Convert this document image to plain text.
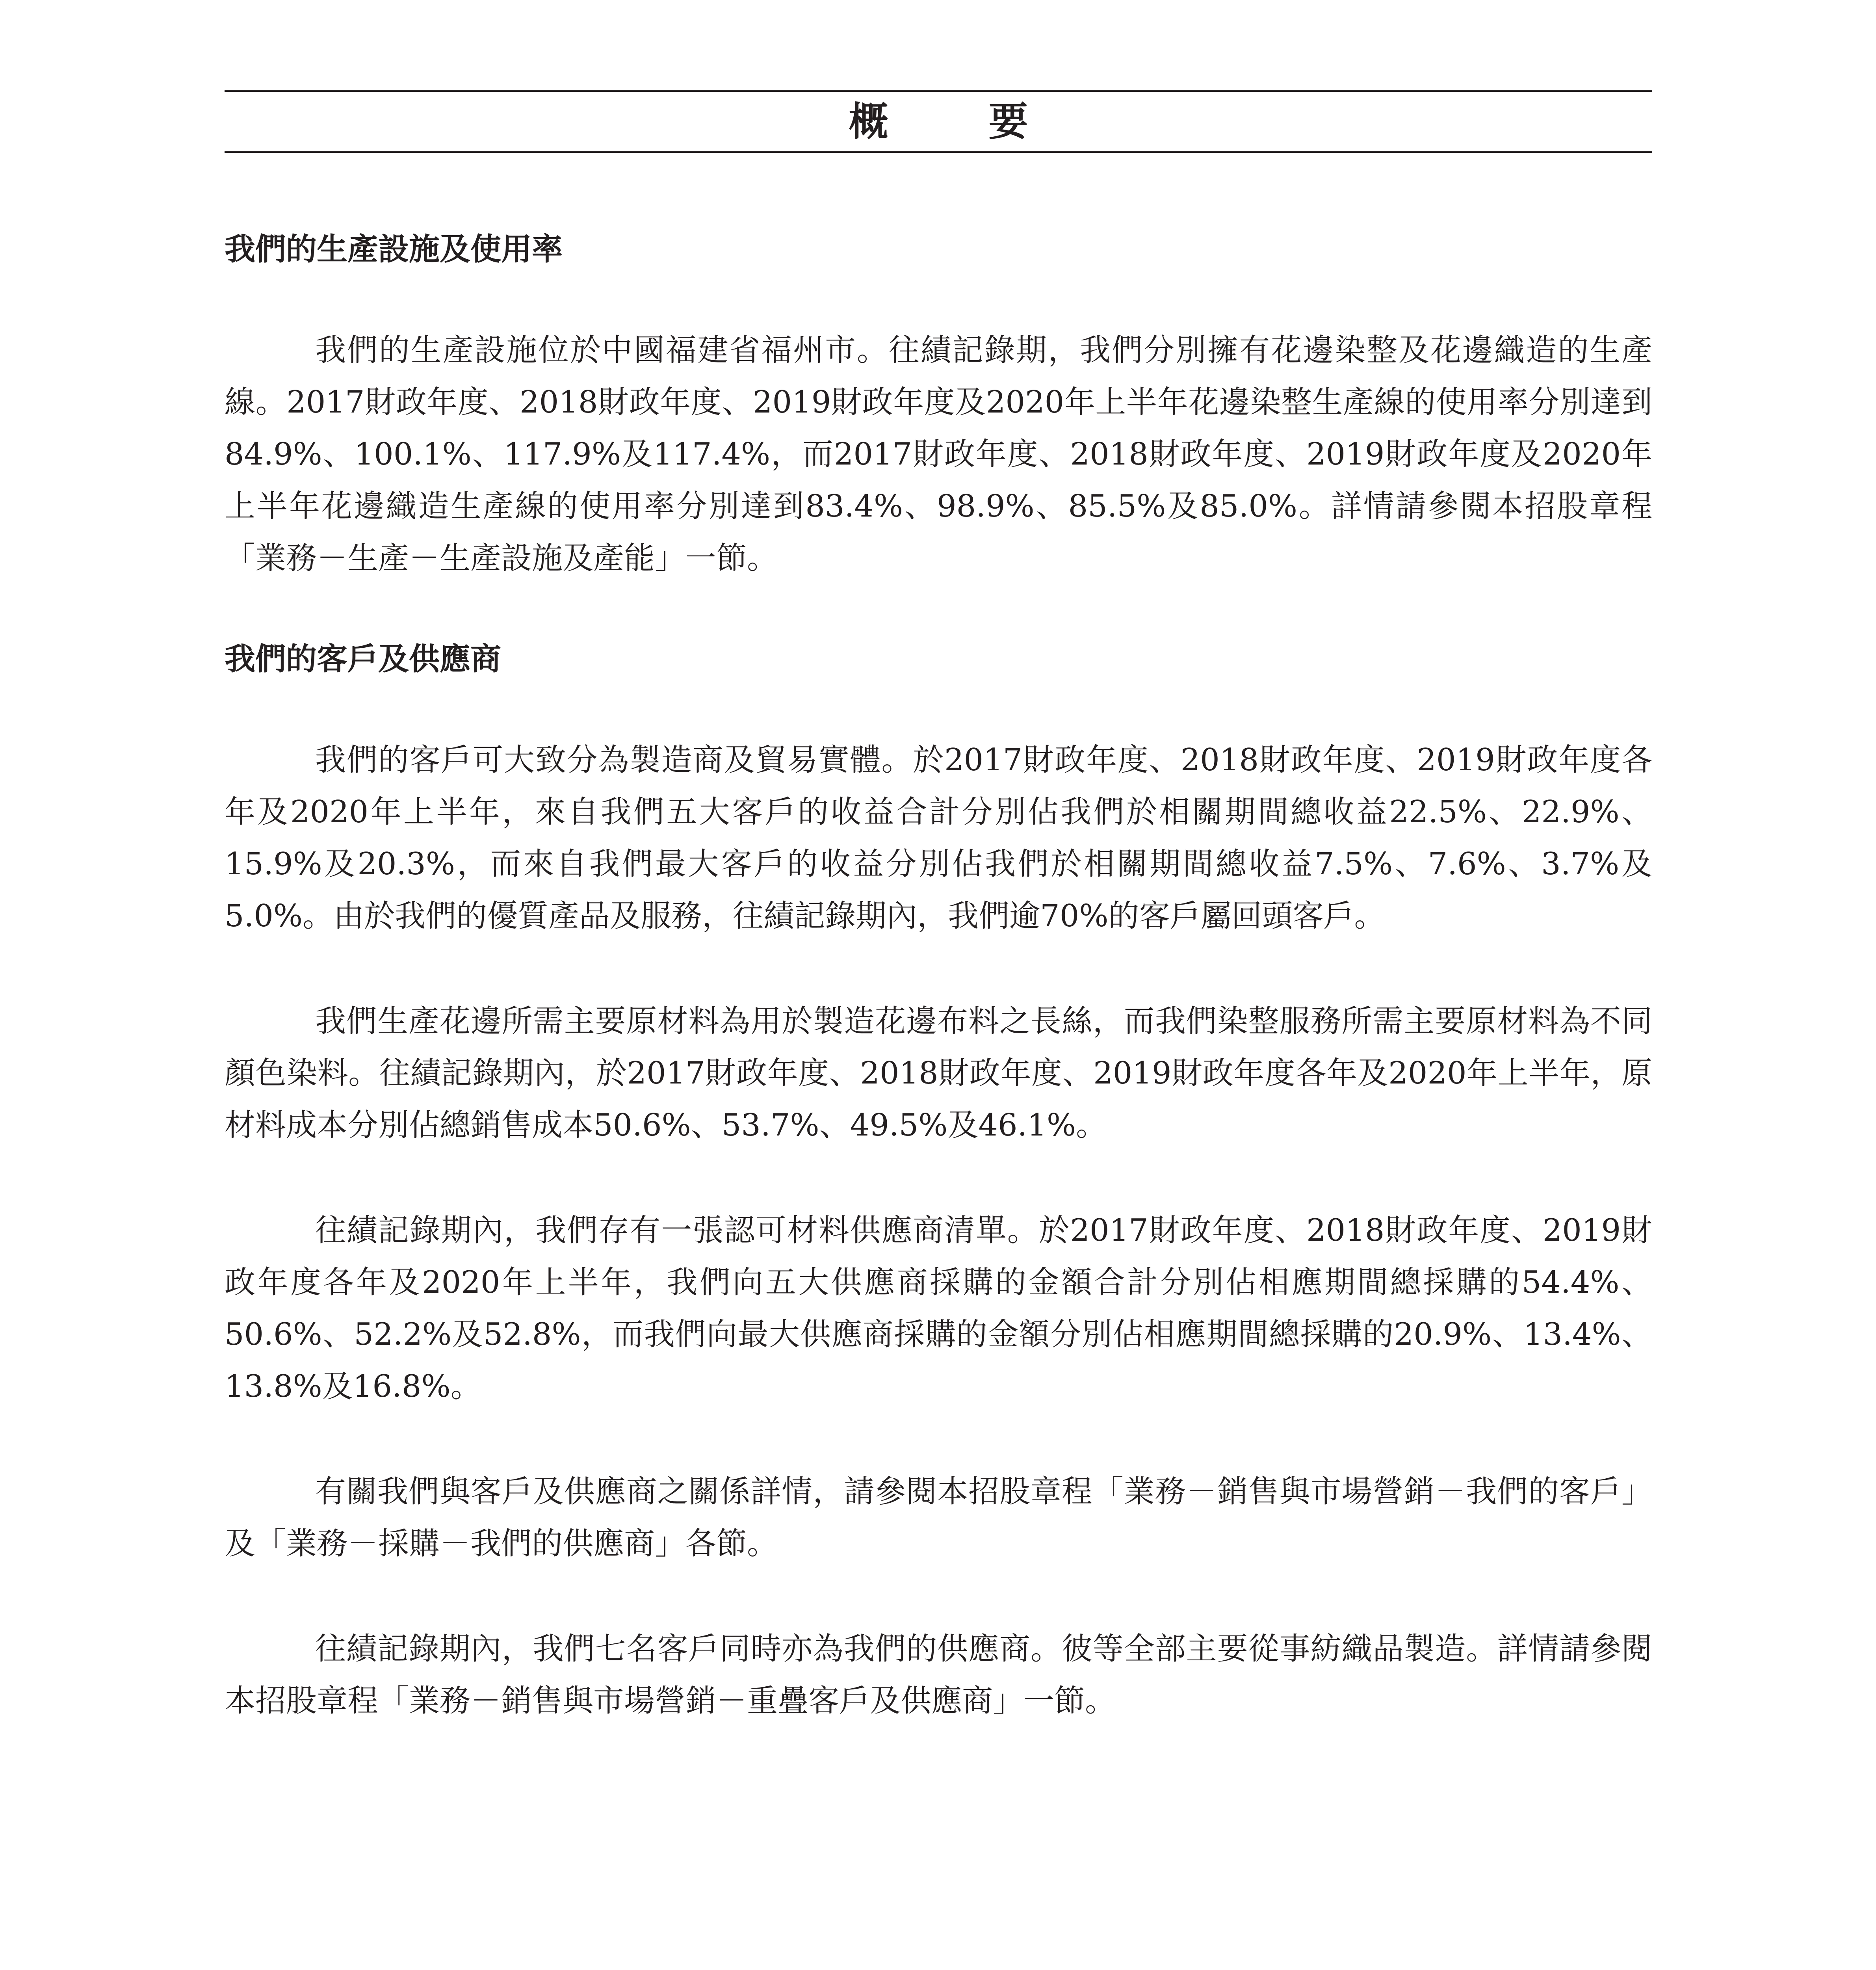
概 要
我們的生產設施及使用率

我們的生產設施位於中國福建省福州市。往績記錄期，我們分別擁有花邊染整及花邊織造的生產線。2017財政年度、2018財政年度、2019財政年度及2020年上半年花邊染整生產線的使用率分別達到84.9%、100.1%、117.9%及117.4%，而2017財政年度、2018財政年度、2019財政年度及2020年上半年花邊織造生產線的使用率分別達到83.4%、98.9%、85.5%及85.0%。詳情請參閱本招股章程「業務－生產－生產設施及產能」一節。

我們的客戶及供應商

我們的客戶可大致分為製造商及貿易實體。於2017財政年度、2018財政年度、2019財政年度各年及2020年上半年，來自我們五大客戶的收益合計分別佔我們於相關期間總收益22.5%、22.9%、15.9%及20.3%，而來自我們最大客戶的收益分別佔我們於相關期間總收益7.5%、7.6%、3.7%及5.0%。由於我們的優質產品及服務，往績記錄期內，我們逾70%的客戶屬回頭客戶。

我們生產花邊所需主要原材料為用於製造花邊布料之長絲，而我們染整服務所需主要原材料為不同顏色染料。往績記錄期內，於2017財政年度、2018財政年度、2019財政年度各年及2020年上半年，原材料成本分別佔總銷售成本50.6%、53.7%、49.5%及46.1%。

往績記錄期內，我們存有一張認可材料供應商清單。於2017財政年度、2018財政年度、2019財政年度各年及2020年上半年，我們向五大供應商採購的金額合計分別佔相應期間總採購的54.4%、50.6%、52.2%及52.8%，而我們向最大供應商採購的金額分別佔相應期間總採購的20.9%、13.4%、13.8%及16.8%。

有關我們與客戶及供應商之關係詳情，請參閱本招股章程「業務－銷售與市場營銷－我們的客戶」及「業務－採購－我們的供應商」各節。

往績記錄期內，我們七名客戶同時亦為我們的供應商。彼等全部主要從事紡織品製造。詳情請參閱本招股章程「業務－銷售與市場營銷－重疊客戶及供應商」一節。
